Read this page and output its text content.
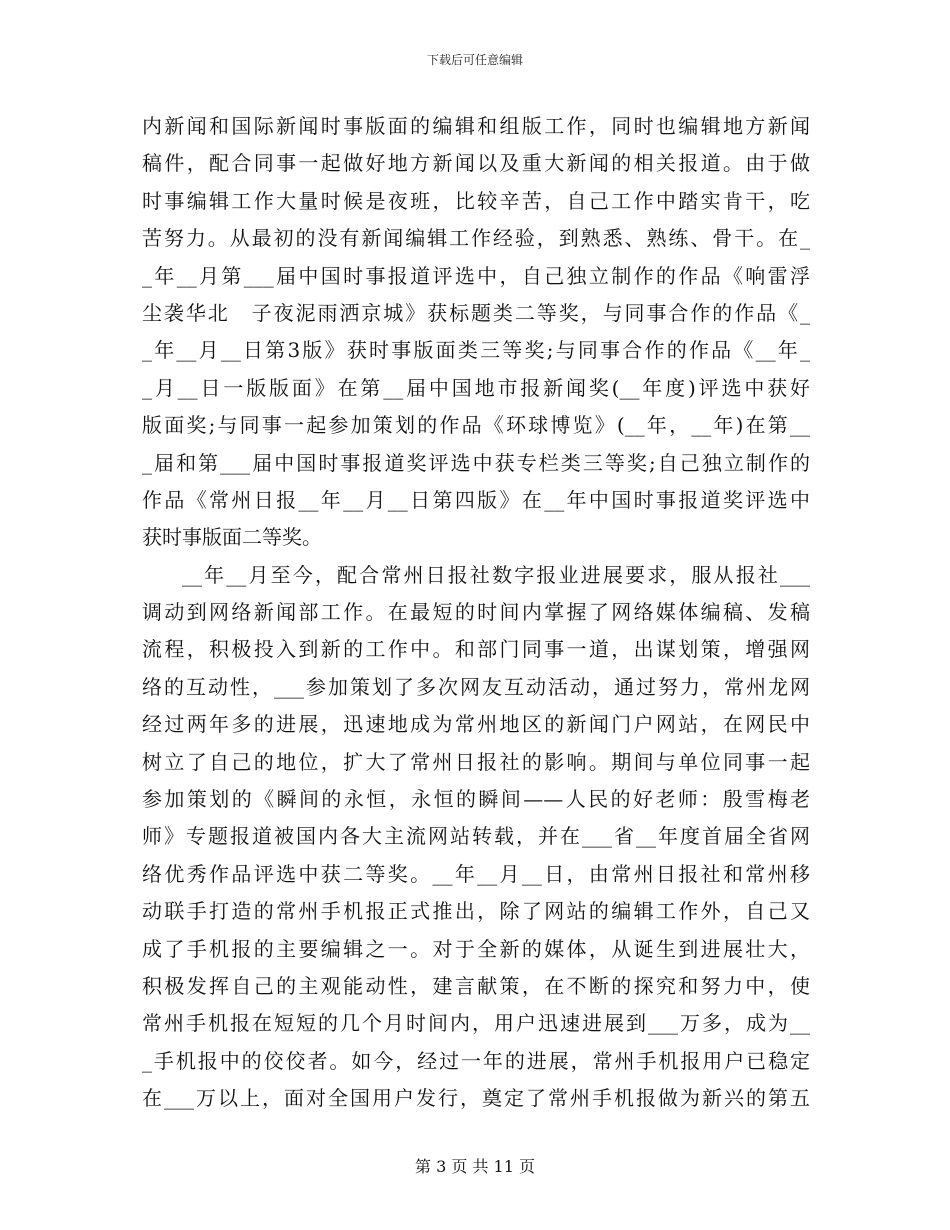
下载后可任意编辑
内新闻和国际新闻时事版面的编辑和组版工作，同时也编辑地方新闻
稿件，配合同事一起做好地方新闻以及重大新闻的相关报道。由于做
时事编辑工作大量时候是夜班，比较辛苦，自己工作中踏实肯干，吃
苦努力。从最初的没有新闻编辑工作经验，到熟悉、熟练、骨干。在_
_年__月第___届中国时事报道评选中，自己独立制作的作品《响雷浮
尘袭华北　子夜泥雨洒京城》获标题类二等奖，与同事合作的作品《_
_年__月__日第3版》获时事版面类三等奖;与同事合作的作品《__年_
_月__日一版版面》在第__届中国地市报新闻奖(__年度)评选中获好
版面奖;与同事一起参加策划的作品《环球博览》(__年，__年)在第__
_届和第___届中国时事报道奖评选中获专栏类三等奖;自己独立制作的
作品《常州日报__年__月__日第四版》在__年中国时事报道奖评选中
获时事版面二等奖。
__年__月至今，配合常州日报社数字报业进展要求，服从报社___
调动到网络新闻部工作。在最短的时间内掌握了网络媒体编稿、发稿
流程，积极投入到新的工作中。和部门同事一道，出谋划策，增强网
络的互动性，___参加策划了多次网友互动活动，通过努力，常州龙网
经过两年多的进展，迅速地成为常州地区的新闻门户网站，在网民中
树立了自己的地位，扩大了常州日报社的影响。期间与单位同事一起
参加策划的《瞬间的永恒，永恒的瞬间——人民的好老师：殷雪梅老
师》专题报道被国内各大主流网站转载，并在___省__年度首届全省网
络优秀作品评选中获二等奖。__年__月__日，由常州日报社和常州移
动联手打造的常州手机报正式推出，除了网站的编辑工作外，自己又
成了手机报的主要编辑之一。对于全新的媒体，从诞生到进展壮大，
积极发挥自己的主观能动性，建言献策，在不断的探究和努力中，使
常州手机报在短短的几个月时间内，用户迅速进展到___万多，成为__
_手机报中的佼佼者。如今，经过一年的进展，常州手机报用户已稳定
在___万以上，面对全国用户发行，奠定了常州手机报做为新兴的第五
第 3 页 共 11 页
